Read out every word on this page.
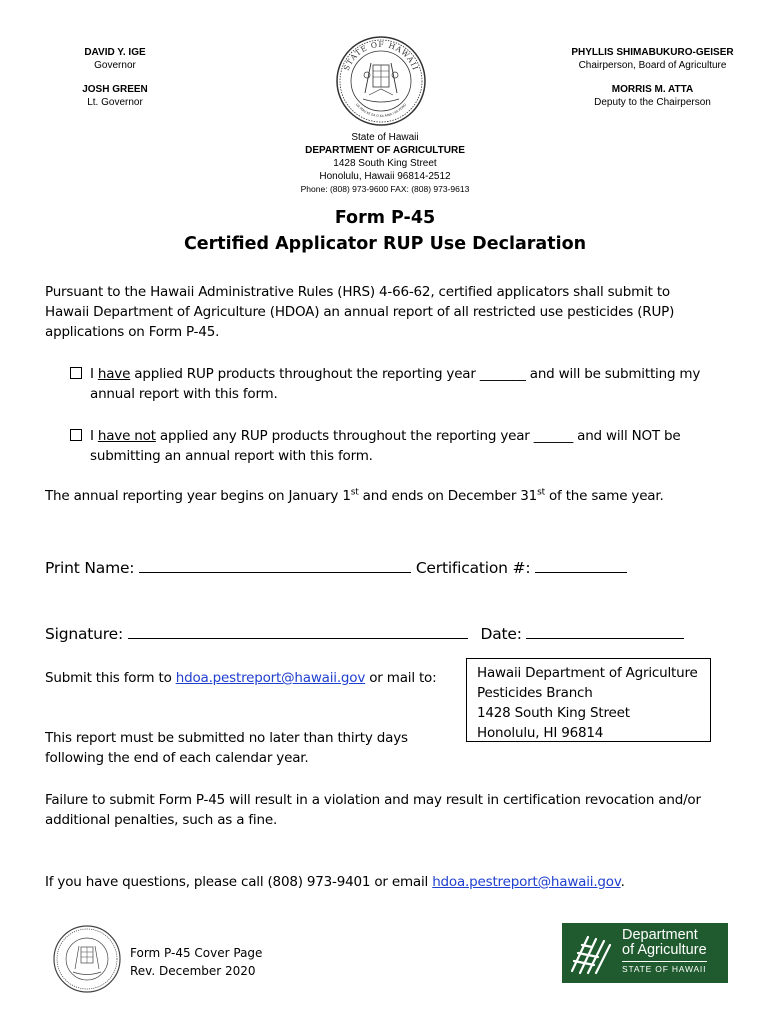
DAVID Y. IGE
Governor
JOSH GREEN
Lt. Governor
PHYLLIS SHIMABUKURO-GEISER
Chairperson, Board of Agriculture
MORRIS M. ATTA
Deputy to the Chairperson
STATE OF HAWAII
UA MAU KE EA O KA AINA I KA PONO
State of Hawaii
DEPARTMENT OF AGRICULTURE
1428 South King Street
Honolulu, Hawaii 96814-2512
Phone: (808) 973-9600 FAX: (808) 973-9613
Form P-45
Certified Applicator RUP Use Declaration
Pursuant to the Hawaii Administrative Rules (HRS) 4-66-62, certified applicators shall submit to
Hawaii Department of Agriculture (HDOA) an annual report of all restricted use pesticides (RUP)
applications on Form P-45.
I have applied RUP products throughout the reporting year _______ and will be submitting my
annual report with this form.
I have not applied any RUP products throughout the reporting year ______ and will NOT be
submitting an annual report with this form.
The annual reporting year begins on January 1st and ends on December 31st of the same year.
Print Name:	Certification #:
Signature:	Date:
Submit this form to hdoa.pestreport@hawaii.gov or mail to:	Hawaii Department of Agriculture
Pesticides Branch
1428 South King Street
Honolulu, HI 96814
This report must be submitted no later than thirty days
following the end of each calendar year.
Failure to submit Form P-45 will result in a violation and may result in certification revocation and/or
additional penalties, such as a fine.
If you have questions, please call (808) 973-9401 or email hdoa.pestreport@hawaii.gov.
Form P-45 Cover Page
Rev. December 2020
Department
of Agriculture
STATE OF HAWAII
